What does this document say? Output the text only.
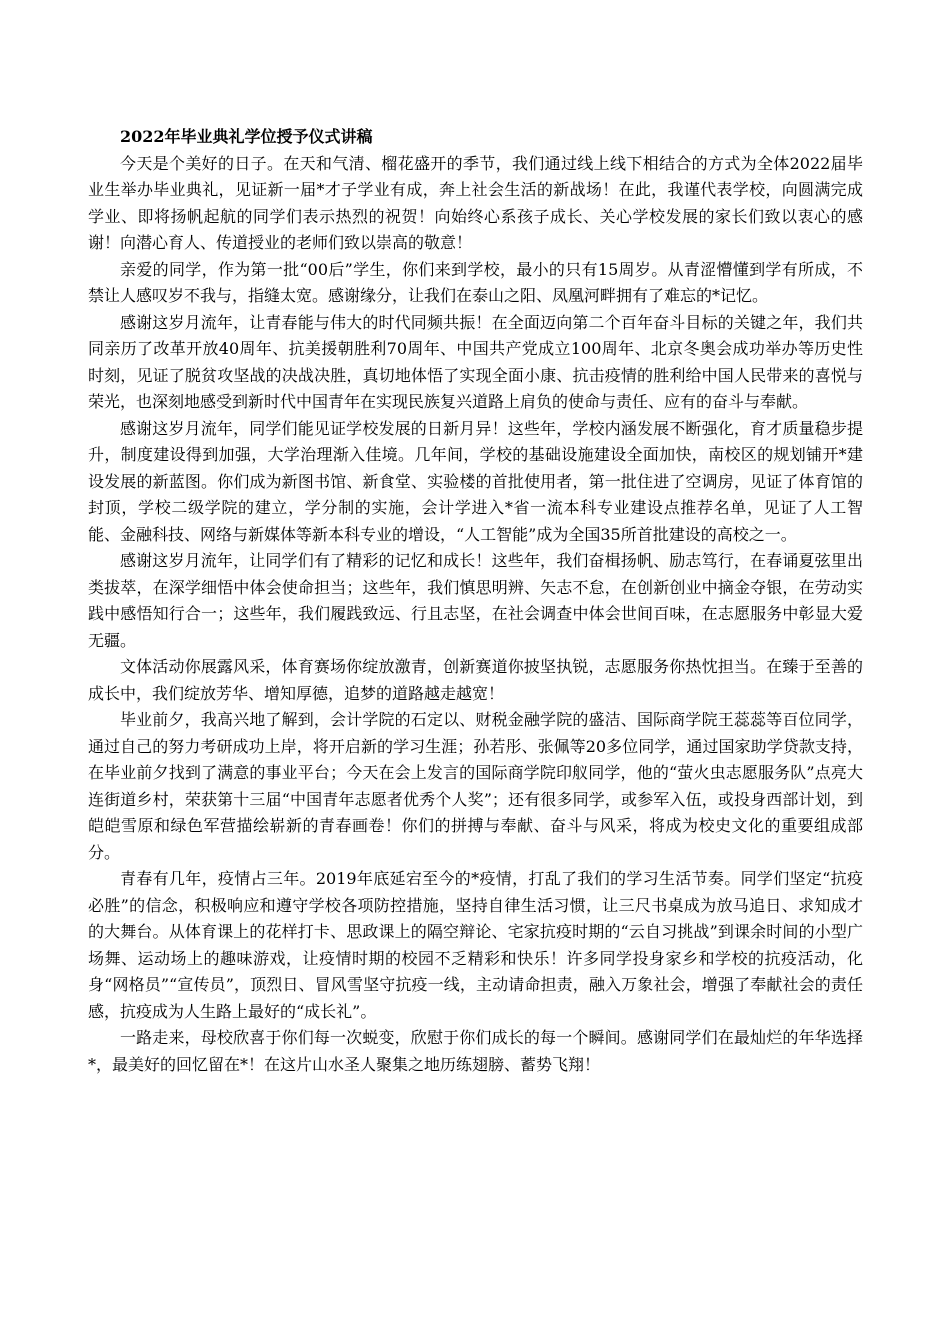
2022年毕业典礼学位授予仪式讲稿

今天是个美好的日子。在天和气清、榴花盛开的季节，我们通过线上线下相结合的方式为全体2022届毕业生举办毕业典礼，见证新一届*才子学业有成，奔上社会生活的新战场！在此，我谨代表学校，向圆满完成学业、即将扬帆起航的同学们表示热烈的祝贺！向始终心系孩子成长、关心学校发展的家长们致以衷心的感谢！向潜心育人、传道授业的老师们致以崇高的敬意！

亲爱的同学，作为第一批“00后”学生，你们来到学校，最小的只有15周岁。从青涩懵懂到学有所成，不禁让人感叹岁不我与，指缝太宽。感谢缘分，让我们在泰山之阳、凤凰河畔拥有了难忘的*记忆。

感谢这岁月流年，让青春能与伟大的时代同频共振！在全面迈向第二个百年奋斗目标的关键之年，我们共同亲历了改革开放40周年、抗美援朝胜利70周年、中国共产党成立100周年、北京冬奥会成功举办等历史性时刻，见证了脱贫攻坚战的决战决胜，真切地体悟了实现全面小康、抗击疫情的胜利给中国人民带来的喜悦与荣光，也深刻地感受到新时代中国青年在实现民族复兴道路上肩负的使命与责任、应有的奋斗与奉献。

感谢这岁月流年，同学们能见证学校发展的日新月异！这些年，学校内涵发展不断强化，育才质量稳步提升，制度建设得到加强，大学治理渐入佳境。几年间，学校的基础设施建设全面加快，南校区的规划铺开*建设发展的新蓝图。你们成为新图书馆、新食堂、实验楼的首批使用者，第一批住进了空调房，见证了体育馆的封顶，学校二级学院的建立，学分制的实施，会计学进入*省一流本科专业建设点推荐名单，见证了人工智能、金融科技、网络与新媒体等新本科专业的增设，“人工智能”成为全国35所首批建设的高校之一。

感谢这岁月流年，让同学们有了精彩的记忆和成长！这些年，我们奋楫扬帆、励志笃行，在春诵夏弦里出类拔萃，在深学细悟中体会使命担当；这些年，我们慎思明辨、矢志不怠，在创新创业中摘金夺银，在劳动实践中感悟知行合一；这些年，我们履践致远、行且志坚，在社会调查中体会世间百味，在志愿服务中彰显大爱无疆。

文体活动你展露风采，体育赛场你绽放激青，创新赛道你披坚执锐，志愿服务你热忱担当。在臻于至善的成长中，我们绽放芳华、增知厚德，追梦的道路越走越宽！

毕业前夕，我高兴地了解到，会计学院的石定以、财税金融学院的盛洁、国际商学院王蕊蕊等百位同学，通过自己的努力考研成功上岸，将开启新的学习生涯；孙若彤、张佩等20多位同学，通过国家助学贷款支持，在毕业前夕找到了满意的事业平台；今天在会上发言的国际商学院印舣同学，他的“萤火虫志愿服务队”点亮大连街道乡村，荣获第十三届“中国青年志愿者优秀个人奖”；还有很多同学，或参军入伍，或投身西部计划，到皑皑雪原和绿色军营描绘崭新的青春画卷！你们的拼搏与奉献、奋斗与风采，将成为校史文化的重要组成部分。

青春有几年，疫情占三年。2019年底延宕至今的*疫情，打乱了我们的学习生活节奏。同学们坚定“抗疫必胜”的信念，积极响应和遵守学校各项防控措施，坚持自律生活习惯，让三尺书桌成为放马追日、求知成才的大舞台。从体育课上的花样打卡、思政课上的隔空辩论、宅家抗疫时期的“云自习挑战”到课余时间的小型广场舞、运动场上的趣味游戏，让疫情时期的校园不乏精彩和快乐！许多同学投身家乡和学校的抗疫活动，化身“网格员”“宣传员”，顶烈日、冒风雪坚守抗疫一线，主动请命担责，融入万象社会，增强了奉献社会的责任感，抗疫成为人生路上最好的“成长礼”。

一路走来，母校欣喜于你们每一次蜕变，欣慰于你们成长的每一个瞬间。感谢同学们在最灿烂的年华选择*，最美好的回忆留在*！在这片山水圣人聚集之地历练翅膀、蓄势飞翔！
